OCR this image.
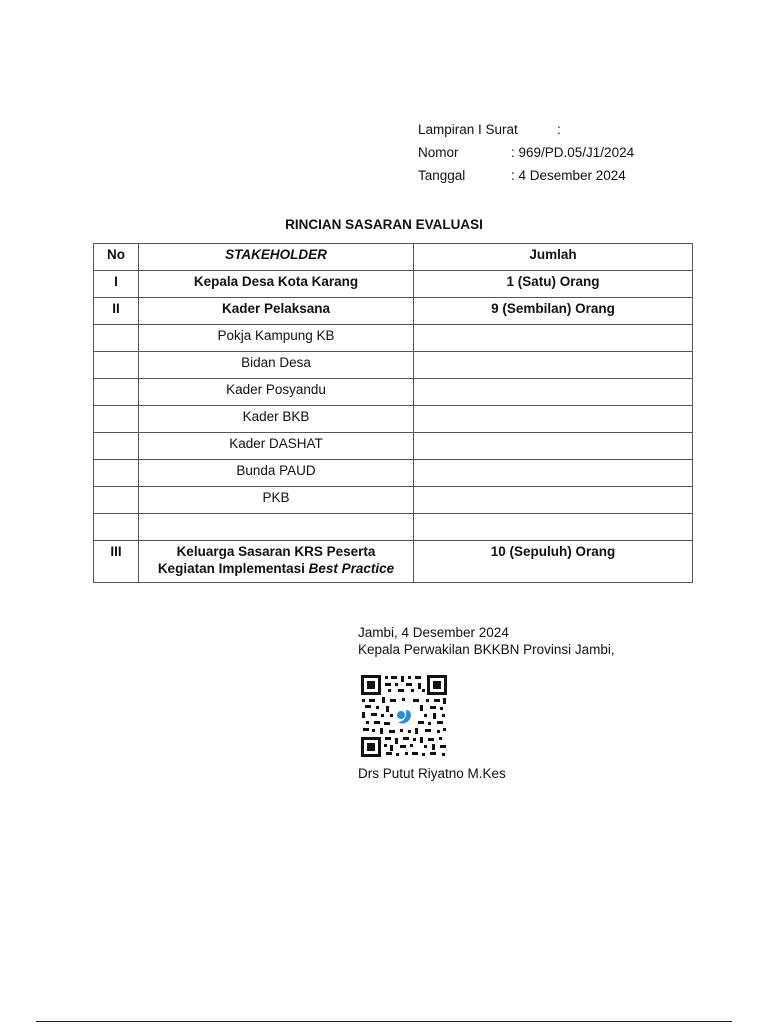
Lampiran I Surat	:
Nomor	: 969/PD.05/J1/2024
Tanggal	: 4 Desember 2024
RINCIAN SASARAN EVALUASI
No	STAKEHOLDER	Jumlah
I	Kepala Desa Kota Karang	1 (Satu) Orang
II	Kader Pelaksana	9 (Sembilan) Orang
	Pokja Kampung KB	
	Bidan Desa	
	Kader Posyandu	
	Kader BKB	
	Kader DASHAT	
	Bunda PAUD	
	PKB	

III	Keluarga Sasaran KRS Peserta
Kegiatan Implementasi Best Practice	10 (Sepuluh) Orang
Jambi, 4 Desember 2024
Kepala Perwakilan BKKBN Provinsi Jambi,
Drs Putut Riyatno M.Kes
